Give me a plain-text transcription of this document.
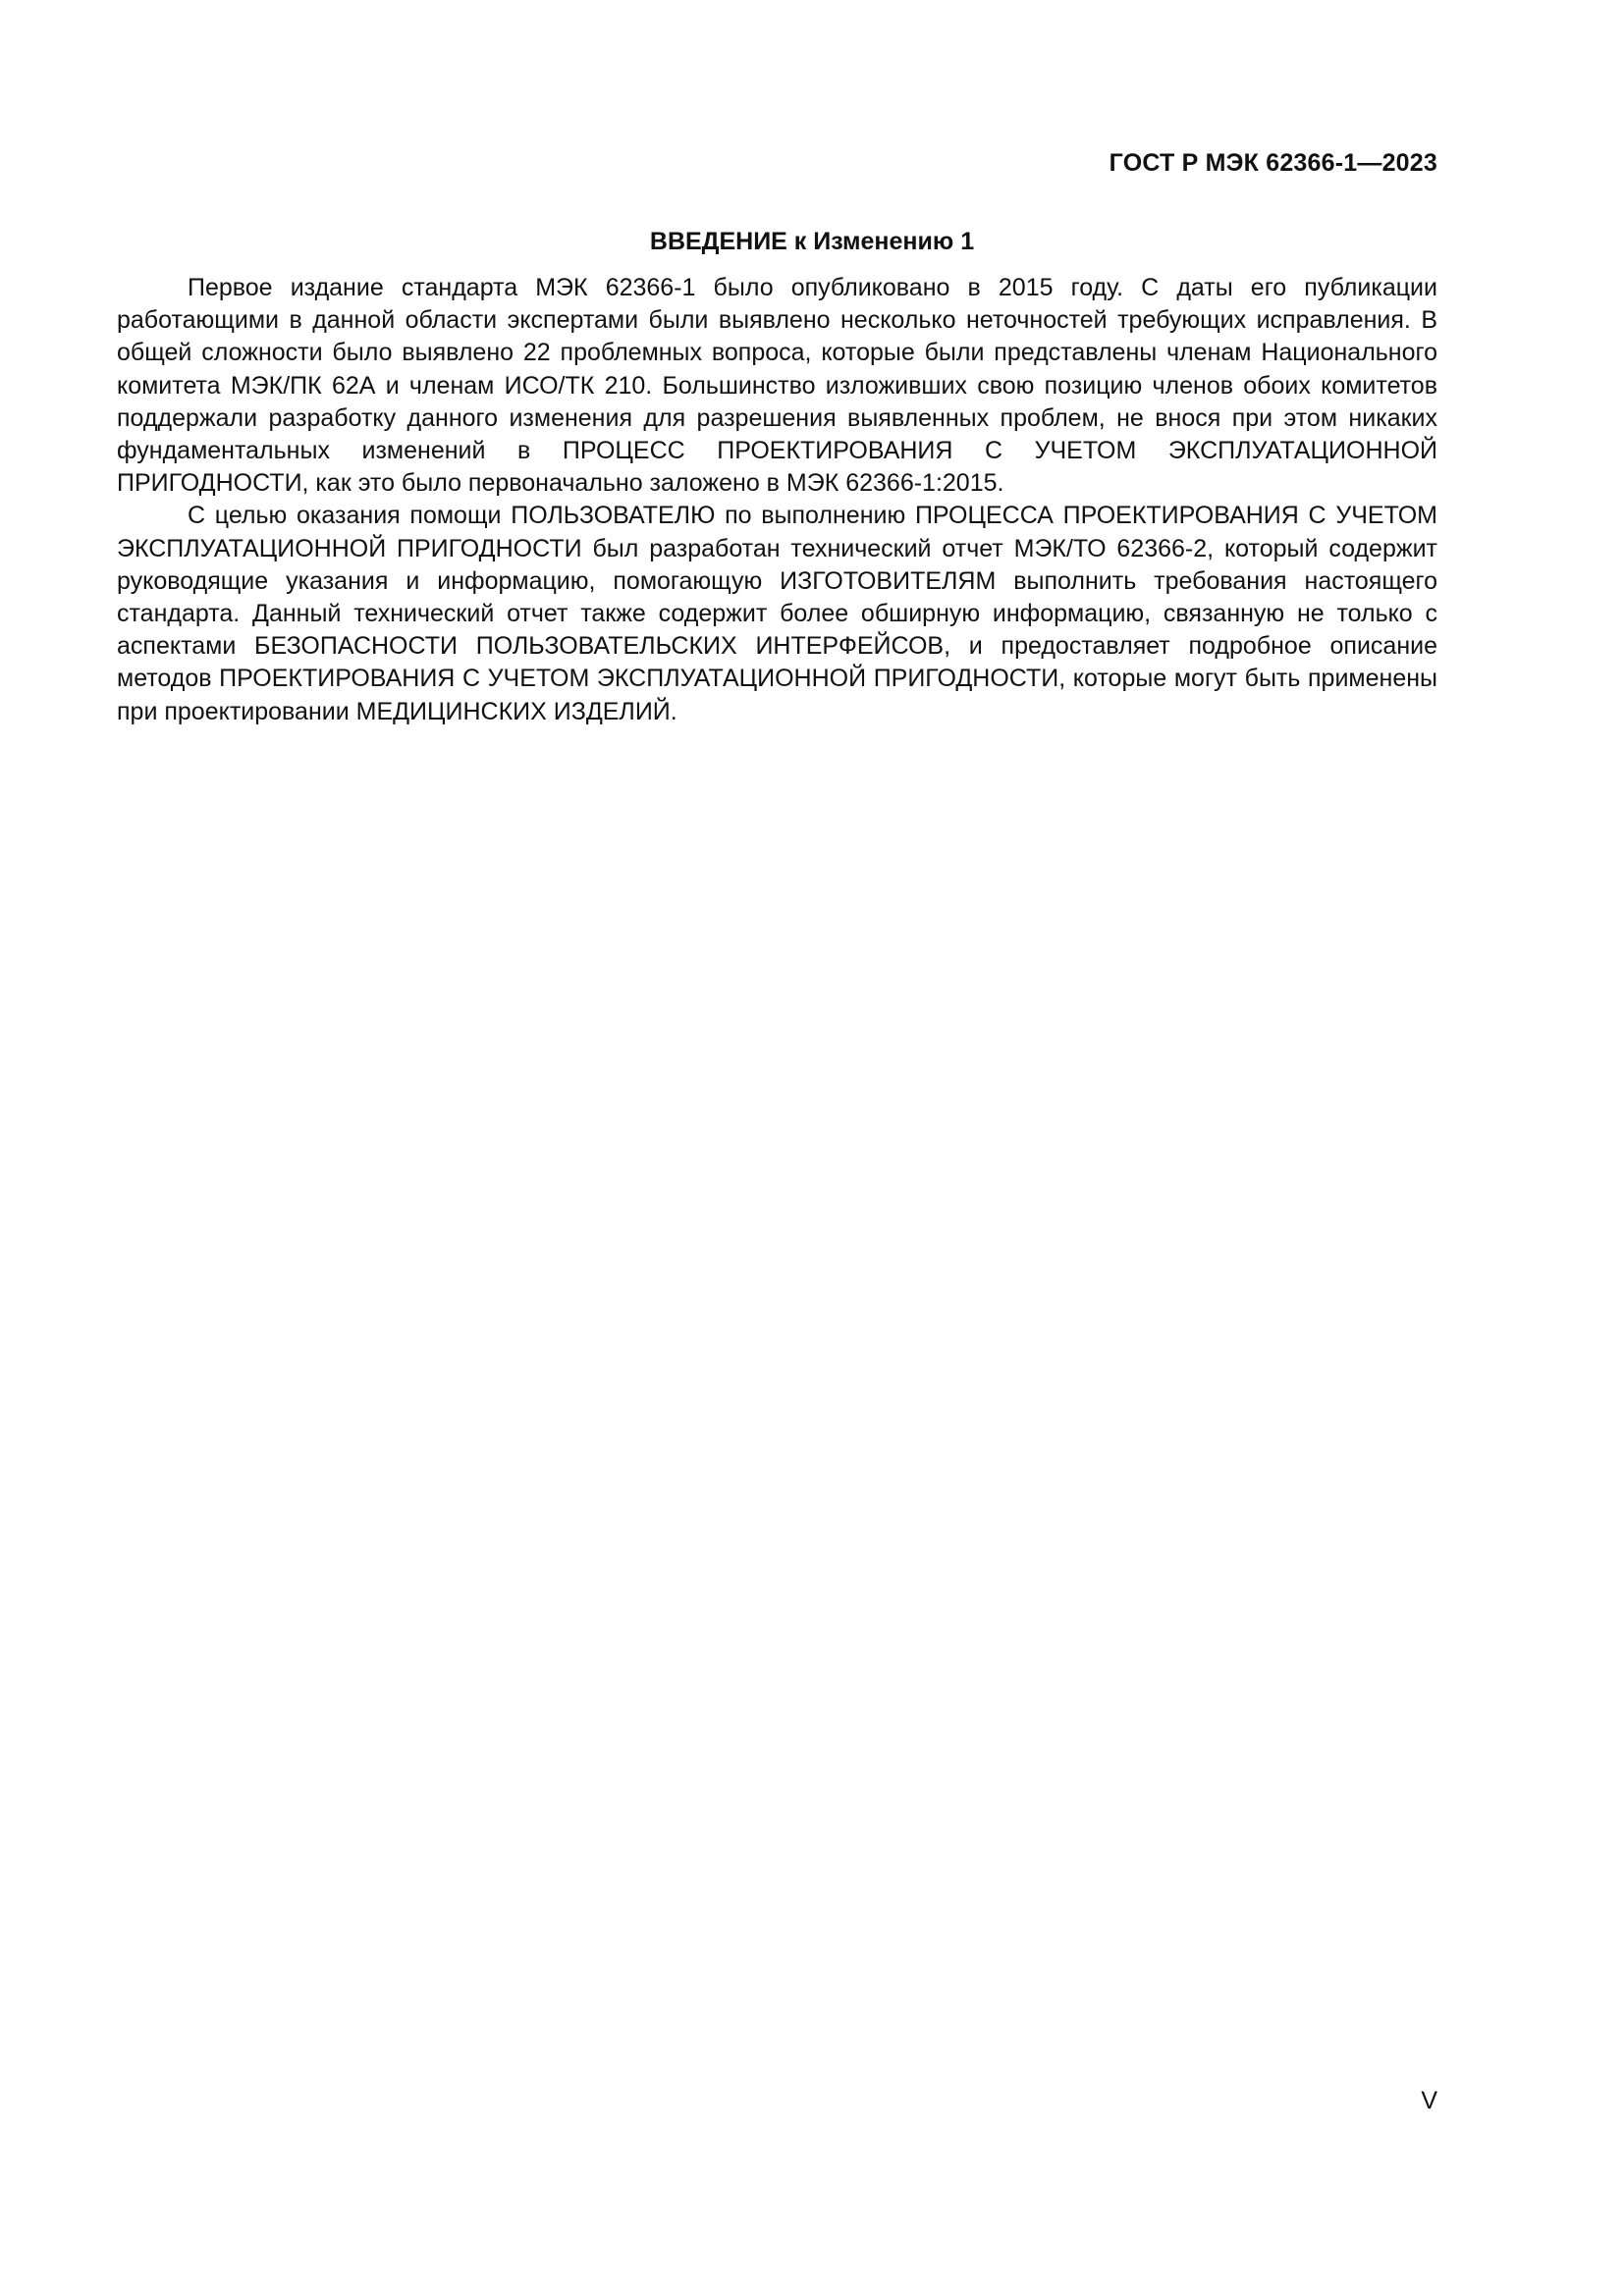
ГОСТ Р МЭК 62366-1—2023
ВВЕДЕНИЕ к Изменению 1

Первое издание стандарта МЭК 62366-1 было опубликовано в 2015 году. С даты его публикации работающими в данной области экспертами были выявлено несколько неточностей требующих исправления. В общей сложности было выявлено 22 проблемных вопроса, которые были представлены членам Национального комитета МЭК/ПК 62А и членам ИСО/ТК 210. Большинство изложивших свою позицию членов обоих комитетов поддержали разработку данного изменения для разрешения выявленных проблем, не внося при этом никаких фундаментальных изменений в ПРОЦЕСС ПРОЕКТИРОВАНИЯ С УЧЕТОМ ЭКСПЛУАТАЦИОННОЙ ПРИГОДНОСТИ, как это было первоначально заложено в МЭК 62366-1:2015.

С целью оказания помощи ПОЛЬЗОВАТЕЛЮ по выполнению ПРОЦЕССА ПРОЕКТИРОВАНИЯ С УЧЕТОМ ЭКСПЛУАТАЦИОННОЙ ПРИГОДНОСТИ был разработан технический отчет МЭК/ТО 62366-2, который содержит руководящие указания и информацию, помогающую ИЗГОТОВИТЕЛЯМ выполнить требования настоящего стандарта. Данный технический отчет также содержит более обширную информацию, связанную не только с аспектами БЕЗОПАСНОСТИ ПОЛЬЗОВАТЕЛЬСКИХ ИНТЕРФЕЙСОВ, и предоставляет подробное описание методов ПРОЕКТИРОВАНИЯ С УЧЕТОМ ЭКСПЛУАТАЦИОННОЙ ПРИГОДНОСТИ, которые могут быть применены при проектировании МЕДИЦИНСКИХ ИЗДЕЛИЙ.

V
